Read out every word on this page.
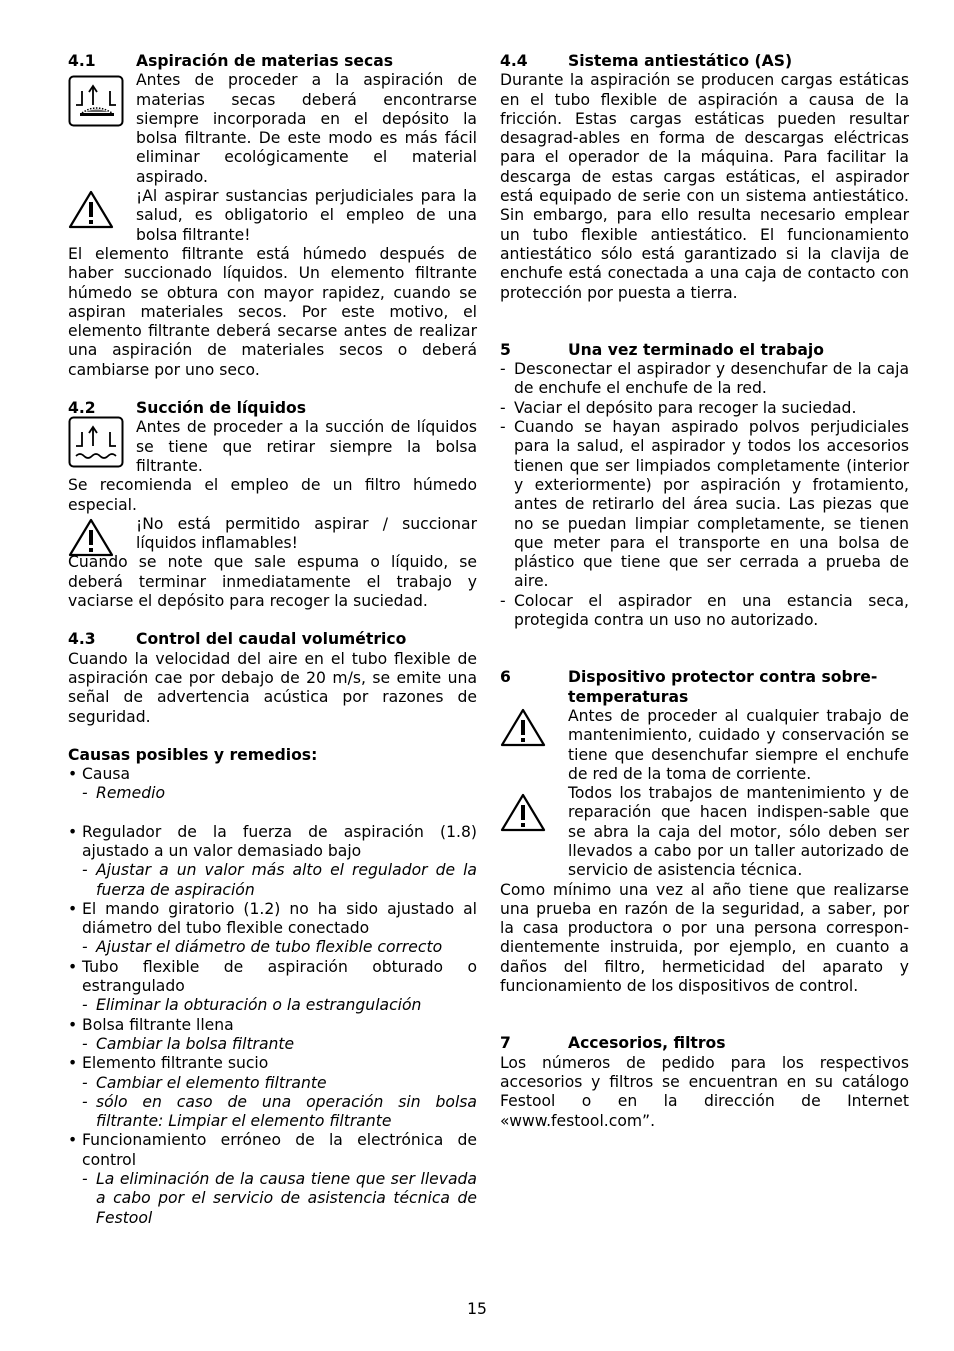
4.1	Aspiración de materias secas

Antes de proceder a la aspiración de materias secas deberá encontrarse siempre incorporada en el depósito la bolsa filtrante. De este modo es más fácil eliminar ecológicamente el material aspirado.

¡Al aspirar sustancias perjudiciales para la salud, es obligatorio el empleo de una bolsa filtrante!

El elemento filtrante está húmedo después de haber succionado líquidos. Un elemento filtrante húmedo se obtura con mayor rapidez, cuando se aspiran materiales secos. Por este motivo, el elemento filtrante deberá secarse antes de realizar una aspiración de materiales secos o deberá cambiarse por uno seco.

4.2	Succión de líquidos

Antes de proceder a la succión de líquidos se tiene que retirar siempre la bolsa filtrante.

Se recomienda el empleo de un filtro húmedo especial.

¡No está permitido aspirar / succionar líquidos inflamables!

Cuando se note que sale espuma o líquido, se deberá terminar inmediatamente el trabajo y vaciarse el depósito para recoger la suciedad.

4.3	Control del caudal volumétrico

Cuando la velocidad del aire en el tubo flexible de aspiración cae por debajo de 20 m/s, se emite una señal de advertencia acústica por razones de seguridad.

Causas posibles y remedios:

• Causa
- Remedio
• Regulador de la fuerza de aspiración (1.8) ajustado a un valor demasiado bajo
- Ajustar a un valor más alto el regulador de la fuerza de aspiración
• El mando giratorio (1.2) no ha sido ajustado al diámetro del tubo flexible conectado
- Ajustar el diámetro de tubo flexible correcto
• Tubo flexible de aspiración obturado o estrangulado
- Eliminar la obturación o la estrangulación
• Bolsa filtrante llena
- Cambiar la bolsa filtrante
• Elemento filtrante sucio
- Cambiar el elemento filtrante
- sólo en caso de una operación sin bolsa filtrante: Limpiar el elemento filtrante
• Funcionamiento erróneo de la electrónica de control
- La eliminación de la causa tiene que ser llevada a cabo por el servicio de asistencia técnica de Festool
4.4	Sistema antiestático (AS)

Durante la aspiración se producen cargas estáticas en el tubo flexible de aspiración a causa de la fricción. Estas cargas estáticas pueden resultar desagrad-ables en forma de descargas eléctricas para el operador de la máquina. Para facilitar la descarga de estas cargas estáticas, el aspirador está equipado de serie con un sistema antiestático. Sin embargo, para ello resulta necesario emplear un tubo flexible antiestático. El funcionamiento antiestático sólo está garantizado si la clavija de enchufe está conectada a una caja de contacto con protección por puesta a tierra.

5	Una vez terminado el trabajo
- Desconectar el aspirador y desenchufar de la caja de enchufe el enchufe de la red.
- Vaciar el depósito para recoger la suciedad.
- Cuando se hayan aspirado polvos perjudiciales para la salud, el aspirador y todos los accesorios tienen que ser limpiados completamente (interior y exteriormente) por aspiración y frotamiento, antes de retirarlo del área sucia. Las piezas que no se puedan limpiar completamente, se tienen que meter para el transporte en una bolsa de plástico que tiene que ser cerrada a prueba de aire.
- Colocar el aspirador en una estancia seca, protegida contra un uso no autorizado.
6	Dispositivo protector contra sobre-temperaturas

Antes de proceder al cualquier trabajo de mantenimiento, cuidado y conservación se tiene que desenchufar siempre el enchufe de red de la toma de corriente.

Todos los trabajos de mantenimiento y de reparación que hacen indispen-sable que se abra la caja del motor, sólo deben ser llevados a cabo por un taller autorizado de servicio de asistencia técnica.

Como mínimo una vez al año tiene que realizarse una prueba en razón de la seguridad, a saber, por la casa productora o por una persona correspon-dientemente instruida, por ejemplo, en cuanto a daños del filtro, hermeticidad del aparato y funcionamiento de los dispositivos de control.

7	Accesorios, filtros

Los números de pedido para los respectivos accesorios y filtros se encuentran en su catálogo Festool o en la dirección de Internet «www.festool.com”.

15
